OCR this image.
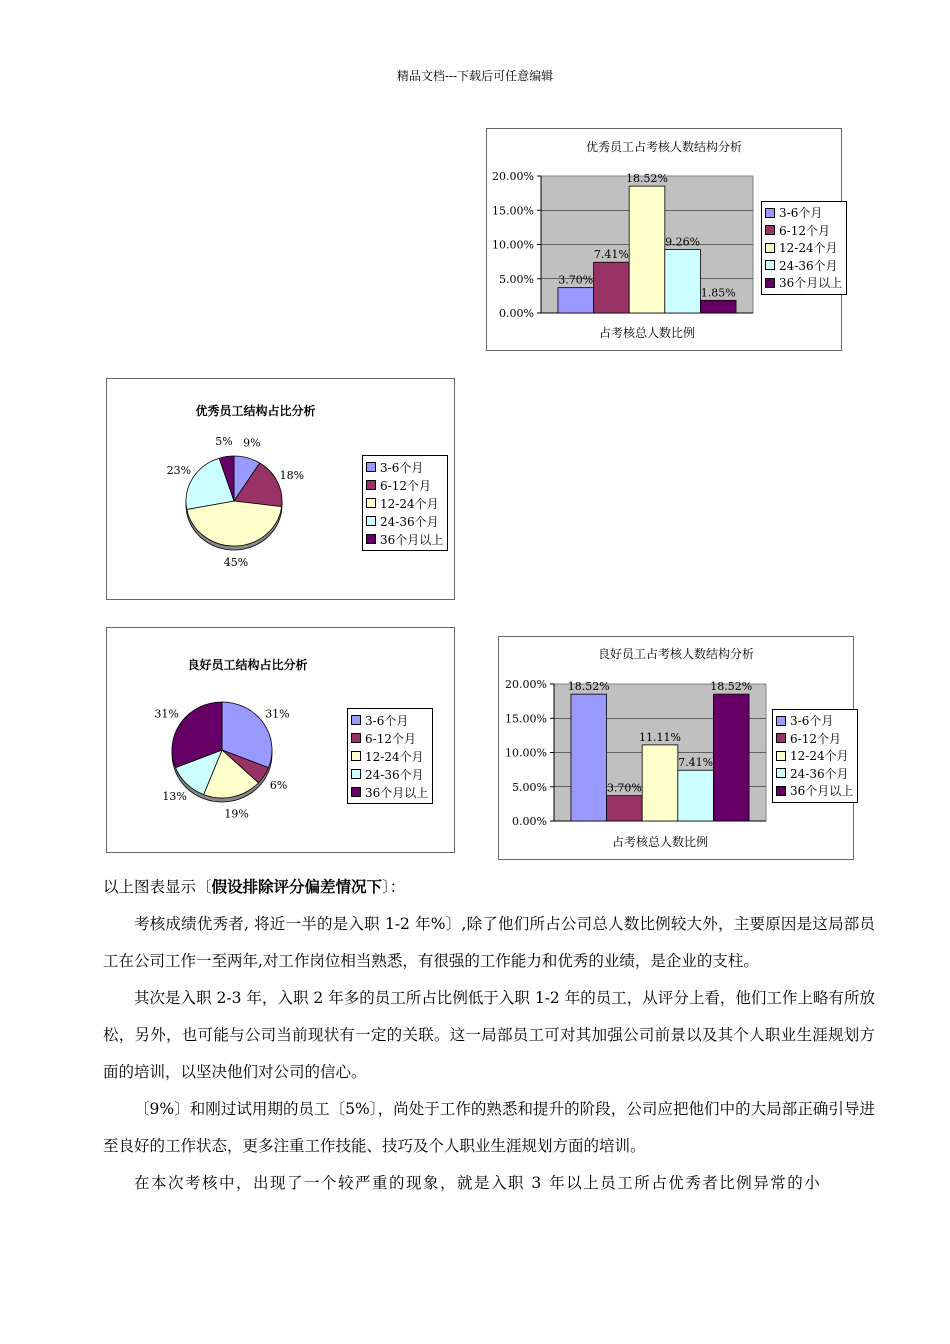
精品文档---下载后可任意编辑
优秀员工占考核人数结构分析
0.00%
5.00%
10.00%
15.00%
20.00%
3.70%
7.41%
18.52%
9.26%
1.85%
占考核总人数比例
3-6个月
6-12个月
12-24个月
24-36个月
36个月以上
优秀员工结构占比分析
9%
18%
45%
23%
5%
3-6个月
6-12个月
12-24个月
24-36个月
36个月以上
良好员工结构占比分析
31%
6%
19%
13%
31%	3-6个月
6-12个月
12-24个月
24-36个月
36个月以上
良好员工占考核人数结构分析
0.00%
5.00%
10.00%
15.00%
20.00% 18.52%
3.70%
11.11%
7.41%
18.52%
占考核总人数比例
3-6个月
6-12个月
12-24个月
24-36个月
36个月以上

以上图表显示〔假设排除评分偏差情况下〕：

考核成绩优秀者, 将近一半的是入职 1-2 年%〕,除了他们所占公司总人数比例较大外，主要原因是这局部员工在公司工作一至两年,对工作岗位相当熟悉，有很强的工作能力和优秀的业绩，是企业的支柱。

其次是入职 2-3 年，入职 2 年多的员工所占比例低于入职 1-2 年的员工，从评分上看，他们工作上略有所放松，另外，也可能与公司当前现状有一定的关联。这一局部员工可对其加强公司前景以及其个人职业生涯规划方面的培训，以坚决他们对公司的信心。

〔9%〕和刚过试用期的员工〔5%〕，尚处于工作的熟悉和提升的阶段，公司应把他们中的大局部正确引导进至良好的工作状态，更多注重工作技能、技巧及个人职业生涯规划方面的培训。

在本次考核中，出现了一个较严重的现象，就是入职 3 年以上员工所占优秀者比例异常的小
